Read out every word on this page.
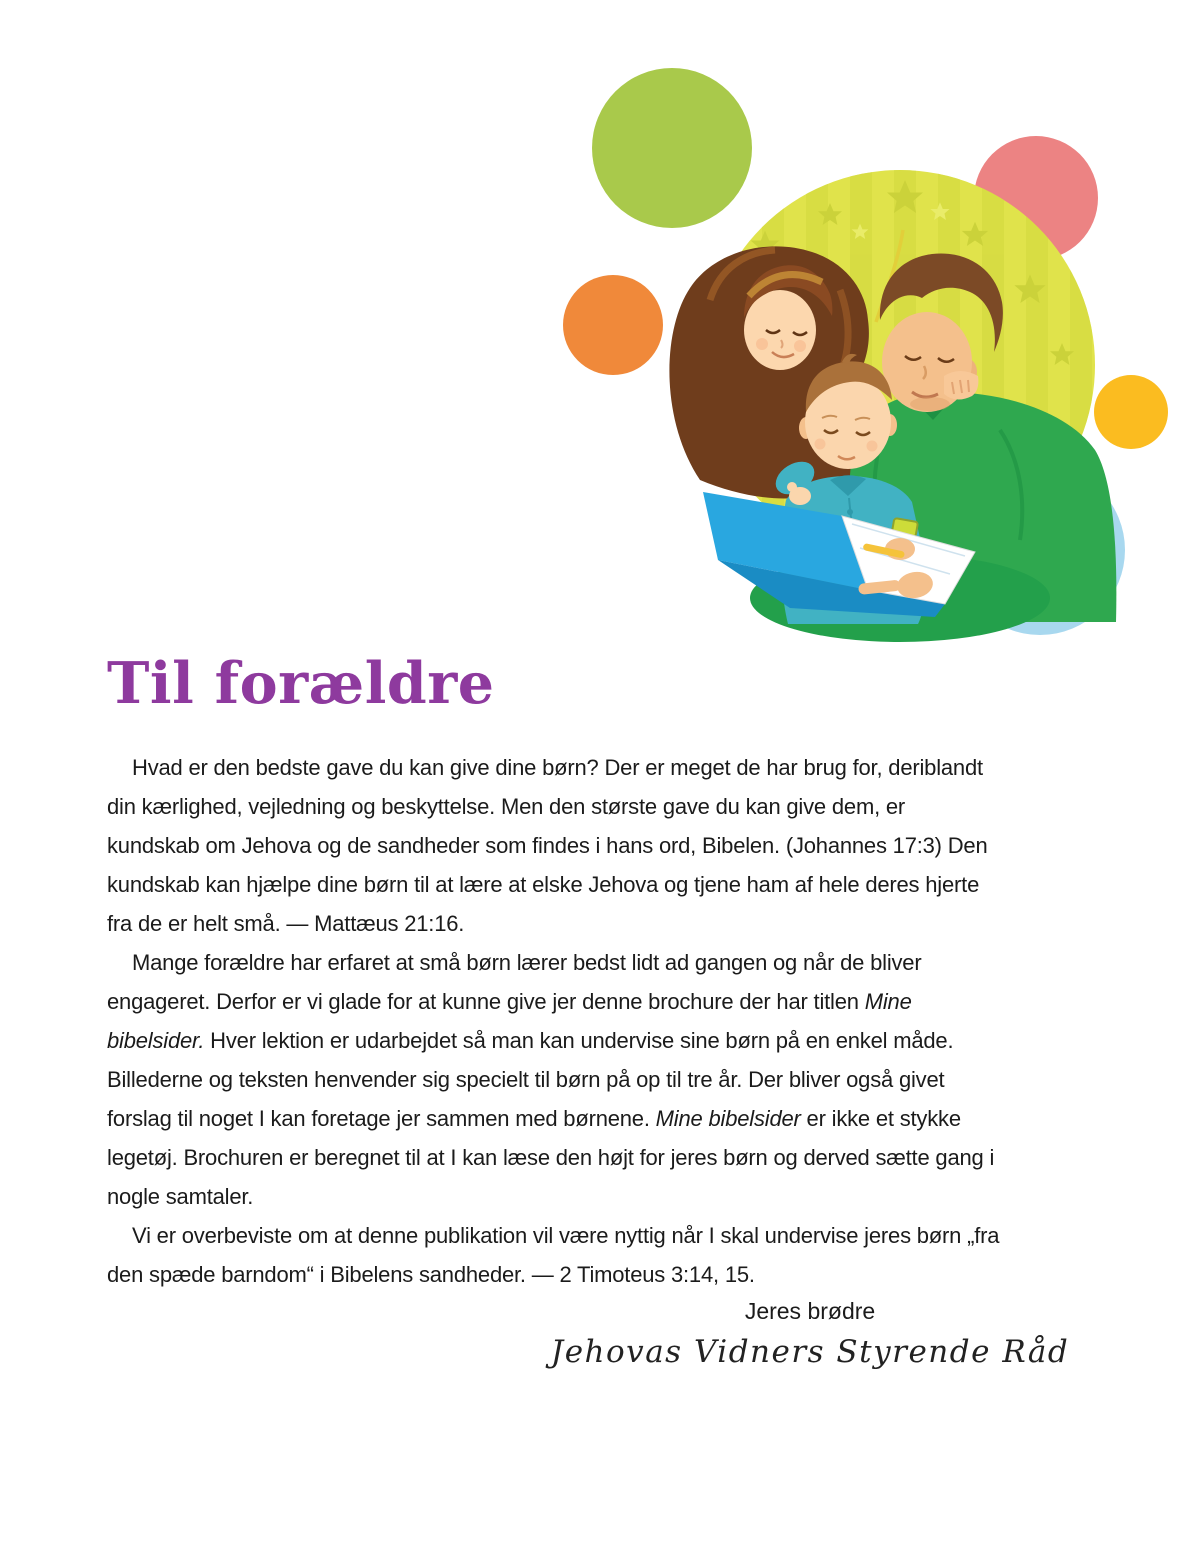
Til forældre

Hvad er den bedste gave du kan give dine børn? Der er meget de har brug for, deriblandt din kærlighed, vejledning og beskyttelse. Men den største gave du kan give dem, er kundskab om Jehova og de sandheder som findes i hans ord, Bibelen. (Johannes 17:3) Den kundskab kan hjælpe dine børn til at lære at elske Jehova og tjene ham af hele deres hjerte fra de er helt små. — Mattæus 21:16.

Mange forældre har erfaret at små børn lærer bedst lidt ad gangen og når de bliver engageret. Derfor er vi glade for at kunne give jer denne brochure der har titlen Mine bibelsider. Hver lektion er udarbejdet så man kan undervise sine børn på en enkel måde. Billederne og teksten henvender sig specielt til børn på op til tre år. Der bliver også givet forslag til noget I kan foretage jer sammen med børnene. Mine bibelsider er ikke et stykke legetøj. Brochuren er beregnet til at I kan læse den højt for jeres børn og derved sætte gang i nogle samtaler.

Vi er overbeviste om at denne publikation vil være nyttig når I skal undervise jeres børn „fra den spæde barndom“ i Bibelens sandheder. — 2 Timoteus 3:14, 15.

Jeres brødre
Jehovas Vidners Styrende Råd
